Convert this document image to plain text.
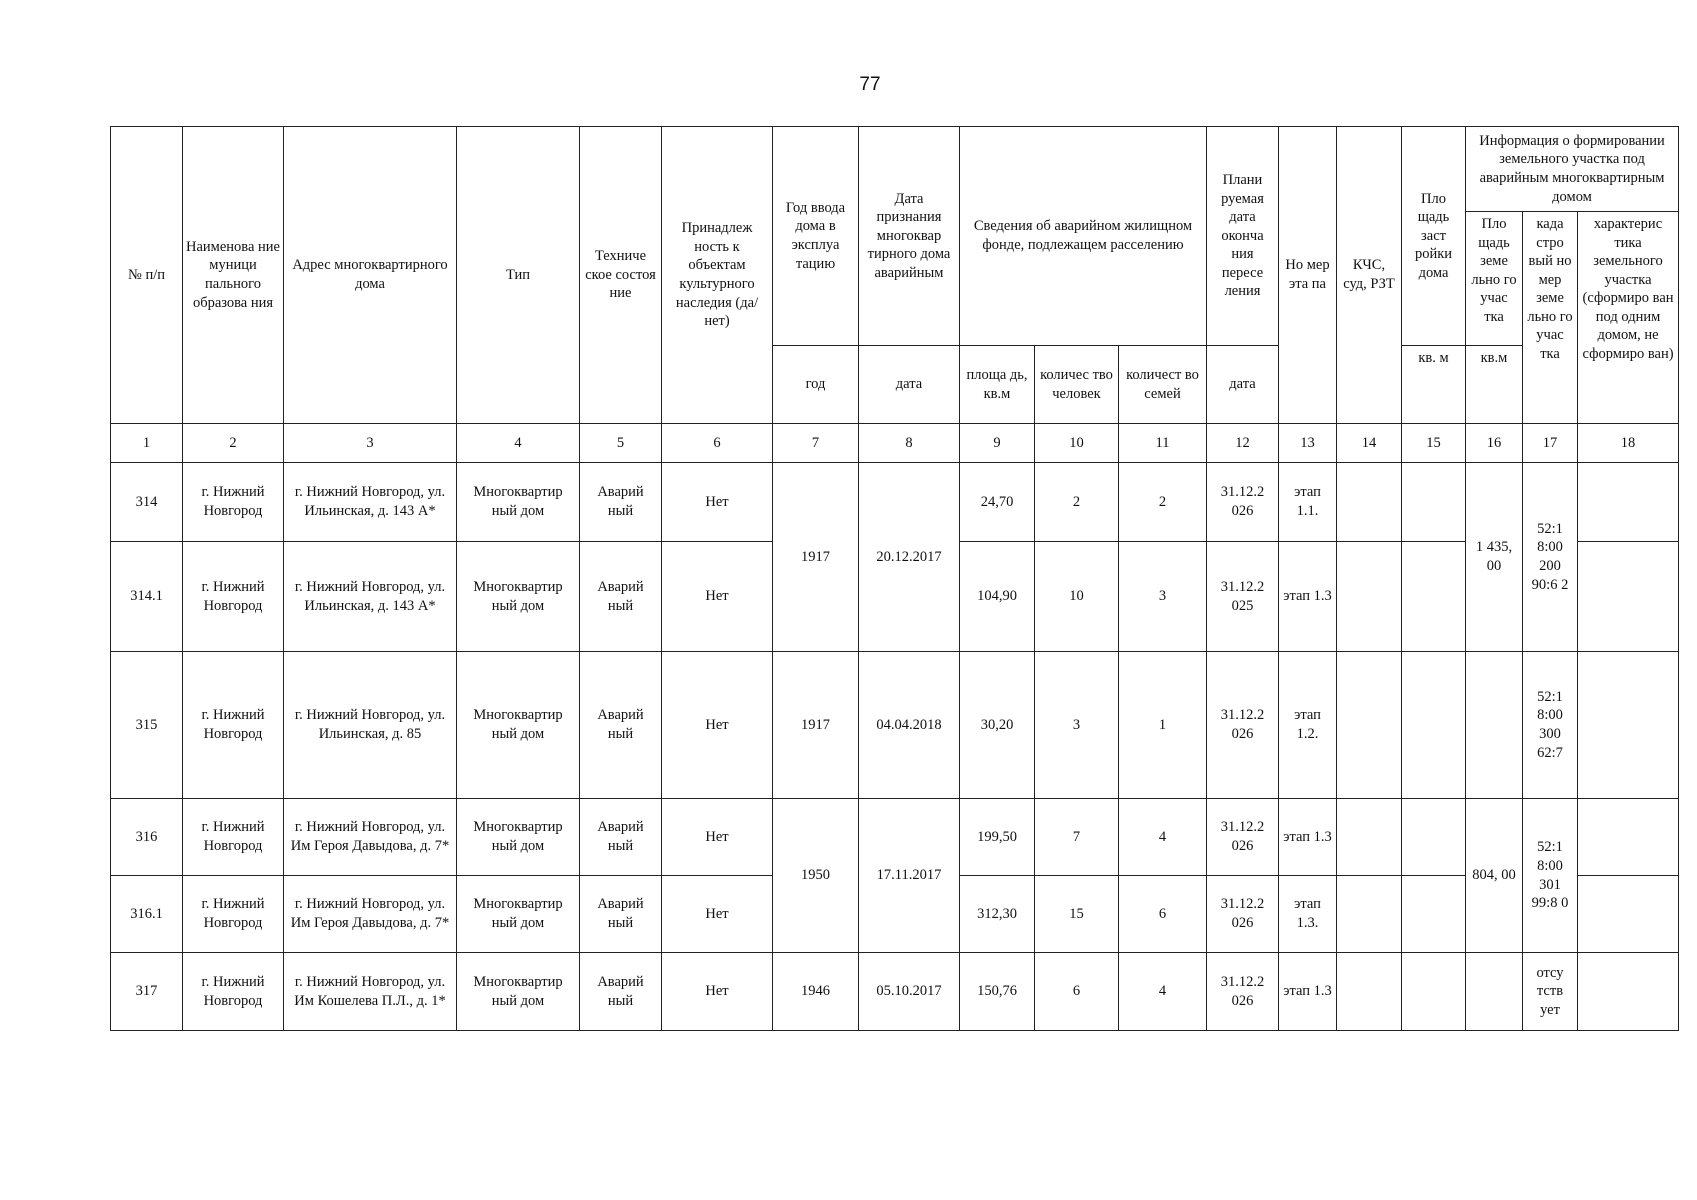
77
№ п/п	Наименова ние муници пального образова ния	Адрес многоквартирного дома	Тип	Техниче ское состоя ние	Принадлеж ность к объектам культурного наследия (да/нет)	Год ввода дома в эксплуа тацию	Дата признания многоквар тирного дома аварийным	Сведения об аварийном жилищном фонде, подлежащем расселению			Плани руемая дата оконча ния пересе ления	Но мер эта па	КЧС, суд, РЗТ	Пло щадь заст ройки дома	Информация о формировании земельного участка под аварийным многоквартирным домом		
															Пло щадь земе льно го учас тка	када стро вый но мер земе льно го учас тка	характерис тика земельного участка (сформиро ван под одним домом, не сформиро ван)
						год	дата	площа дь, кв.м	количес тво человек	количест во семей	дата			кв. м	кв.м		
1	2	3	4	5	6	7	8	9	10	11	12	13	14	15	16	17	18
314	г. Нижний Новгород	г. Нижний Новгород, ул. Ильинская, д. 143 А*	Многоквартир ный дом	Аварий ный	Нет	1917	20.12.2017	24,70	2	2	31.12.2 026	этап 1.1.			1 435, 00	52:1 8:00 200 90:6 2	
314.1	г. Нижний Новгород	г. Нижний Новгород, ул. Ильинская, д. 143 А*	Многоквартир ный дом	Аварий ный	Нет			104,90	10	3	31.12.2 025	этап 1.3					
315	г. Нижний Новгород	г. Нижний Новгород, ул. Ильинская, д. 85	Многоквартир ный дом	Аварий ный	Нет	1917	04.04.2018	30,20	3	1	31.12.2 026	этап 1.2.				52:1 8:00 300 62:7	
316	г. Нижний Новгород	г. Нижний Новгород, ул. Им Героя Давыдова, д. 7*	Многоквартир ный дом	Аварий ный	Нет	1950	17.11.2017	199,50	7	4	31.12.2 026	этап 1.3			804, 00	52:1 8:00 301 99:8 0	
316.1	г. Нижний Новгород	г. Нижний Новгород, ул. Им Героя Давыдова, д. 7*	Многоквартир ный дом	Аварий ный	Нет			312,30	15	6	31.12.2 026	этап 1.3.					
317	г. Нижний Новгород	г. Нижний Новгород, ул. Им Кошелева П.Л., д. 1*	Многоквартир ный дом	Аварий ный	Нет	1946	05.10.2017	150,76	6	4	31.12.2 026	этап 1.3				отсу тств ует	
